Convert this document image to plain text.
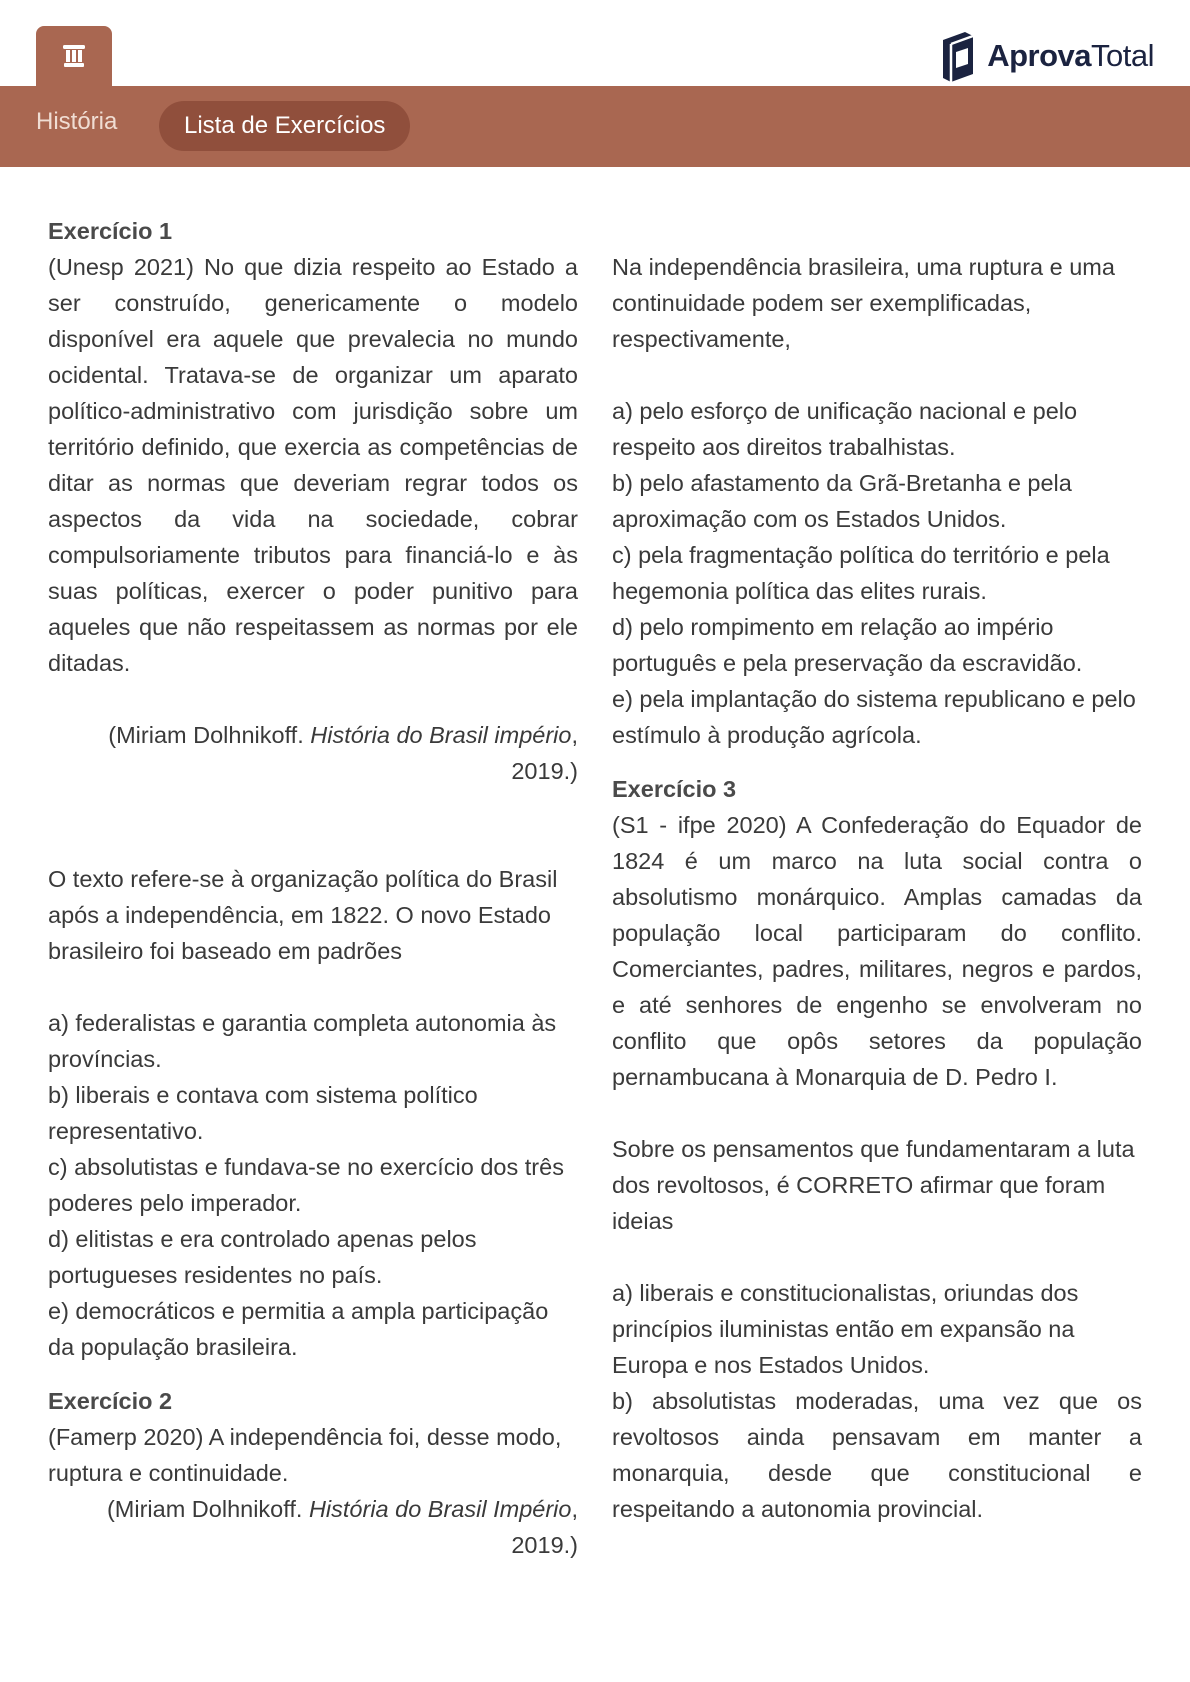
AprovaTotal
História	Lista de Exercícios

Exercício 1

(Unesp 2021) No que dizia respeito ao Estado a ser construído, genericamente o modelo disponível era aquele que prevalecia no mundo ocidental. Tratava-se de organizar um aparato político-administrativo com jurisdição sobre um território definido, que exercia as competências de ditar as normas que deveriam regrar todos os aspectos da vida na sociedade, cobrar compulsoriamente tributos para financiá-lo e às suas políticas, exercer o poder punitivo para aqueles que não respeitassem as normas por ele ditadas.

(Miriam Dolhnikoff. História do Brasil império, 2019.)

O texto refere-se à organização política do Brasil após a independência, em 1822. O novo Estado brasileiro foi baseado em padrões

a) federalistas e garantia completa autonomia às províncias.

b) liberais e contava com sistema político representativo.

c) absolutistas e fundava-se no exercício dos três poderes pelo imperador.

d) elitistas e era controlado apenas pelos portugueses residentes no país.

e) democráticos e permitia a ampla participação da população brasileira.

Exercício 2

(Famerp 2020) A independência foi, desse modo, ruptura e continuidade.

(Miriam Dolhnikoff. História do Brasil Império, 2019.)

Na independência brasileira, uma ruptura e uma continuidade podem ser exemplificadas, respectivamente,

a) pelo esforço de unificação nacional e pelo respeito aos direitos trabalhistas.

b) pelo afastamento da Grã-Bretanha e pela aproximação com os Estados Unidos.

c) pela fragmentação política do território e pela hegemonia política das elites rurais.

d) pelo rompimento em relação ao império português e pela preservação da escravidão.

e) pela implantação do sistema republicano e pelo estímulo à produção agrícola.

Exercício 3

(S1 - ifpe 2020) A Confederação do Equador de 1824 é um marco na luta social contra o absolutismo monárquico. Amplas camadas da população local participaram do conflito. Comerciantes, padres, militares, negros e pardos, e até senhores de engenho se envolveram no conflito que opôs setores da população pernambucana à Monarquia de D. Pedro I.

Sobre os pensamentos que fundamentaram a luta dos revoltosos, é CORRETO afirmar que foram ideias

a) liberais e constitucionalistas, oriundas dos princípios iluministas então em expansão na Europa e nos Estados Unidos.

b) absolutistas moderadas, uma vez que os revoltosos ainda pensavam em manter a monarquia, desde que constitucional e respeitando a autonomia provincial.
